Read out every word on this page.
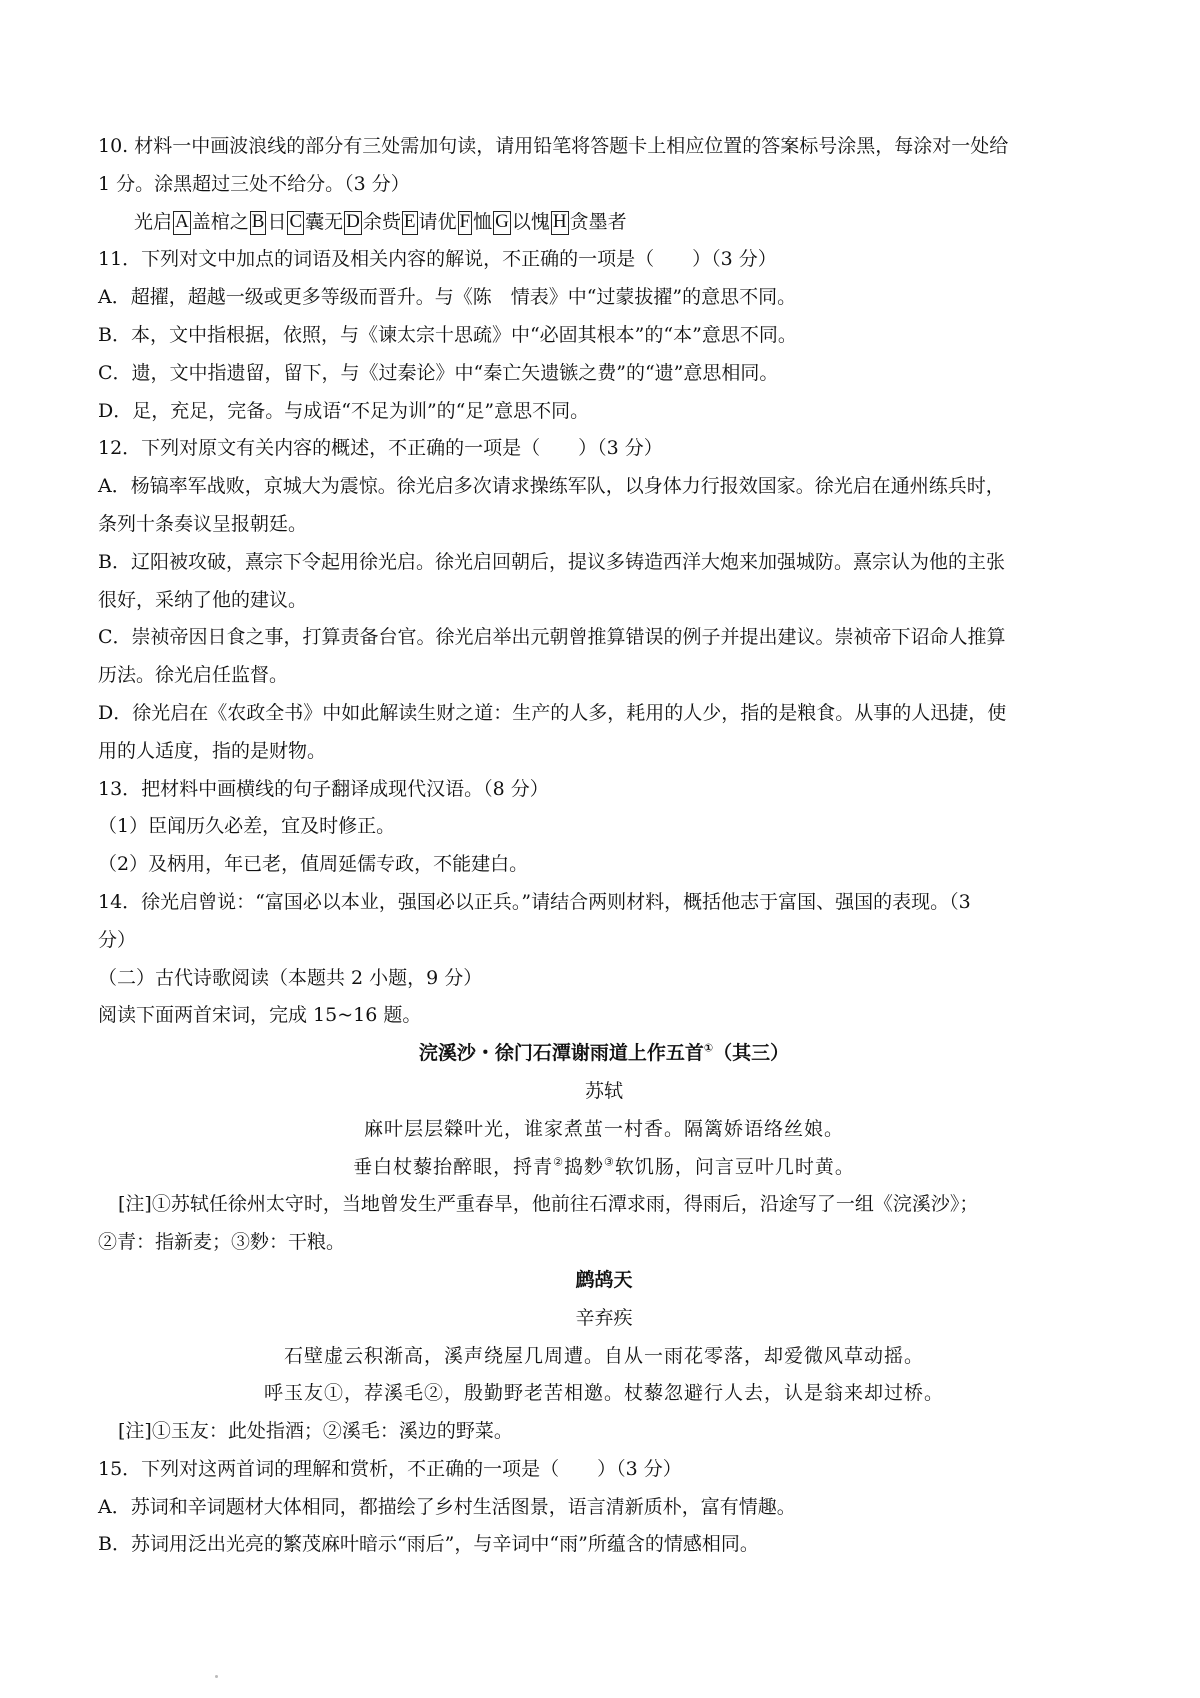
10. 材料一中画波浪线的部分有三处需加句读，请用铅笔将答题卡上相应位置的答案标号涂黑，每涂对一处给
1 分。涂黑超过三处不给分。（3 分）
光启 A 盖棺之 B 日 C 囊无 D 余赀 E 请优 F 恤 G 以愧 H 贪墨者
11．下列对文中加点的词语及相关内容的解说，不正确的一项是（　　）（3 分）
A．超擢，超越一级或更多等级而晋升。与《陈　情表》中“过蒙拔擢”的意思不同。
B．本，文中指根据，依照，与《谏太宗十思疏》中“必固其根本”的“本”意思不同。
C．遗，文中指遗留，留下，与《过秦论》中“秦亡矢遗镞之费”的“遗”意思相同。
D．足，充足，完备。与成语“不足为训”的“足”意思不同。
12．下列对原文有关内容的概述，不正确的一项是（　　）（3 分）
A．杨镐率军战败，京城大为震惊。徐光启多次请求操练军队，以身体力行报效国家。徐光启在通州练兵时，
条列十条奏议呈报朝廷。
B．辽阳被攻破，熹宗下令起用徐光启。徐光启回朝后，提议多铸造西洋大炮来加强城防。熹宗认为他的主张
很好，采纳了他的建议。
C．崇祯帝因日食之事，打算责备台官。徐光启举出元朝曾推算错误的例子并提出建议。崇祯帝下诏命人推算
历法。徐光启任监督。
D．徐光启在《农政全书》中如此解读生财之道：生产的人多，耗用的人少，指的是粮食。从事的人迅捷，使
用的人适度，指的是财物。
13．把材料中画横线的句子翻译成现代汉语。（8 分）
（1）臣闻历久必差，宜及时修正。
（2）及柄用，年已老，值周延儒专政，不能建白。
14．徐光启曾说：“富国必以本业，强国必以正兵。”请结合两则材料，概括他志于富国、强国的表现。（3
分）
（二）古代诗歌阅读（本题共 2 小题，9 分）
阅读下面两首宋词，完成 15~16 题。
浣溪沙・徐门石潭谢雨道上作五首①（其三）
苏轼
麻叶层层檾叶光，谁家煮茧一村香。隔篱娇语络丝娘。
垂白杖藜抬醉眼，捋青②捣麨③软饥肠，问言豆叶几时黄。
[注]①苏轼任徐州太守时，当地曾发生严重春旱，他前往石潭求雨，得雨后，沿途写了一组《浣溪沙》；
②青：指新麦；③麨：干粮。
鹧鸪天
辛弃疾
石壁虚云积渐高，溪声绕屋几周遭。自从一雨花零落，却爱微风草动摇。
呼玉友①，荐溪毛②，殷勤野老苦相邀。杖藜忽避行人去，认是翁来却过桥。
[注]①玉友：此处指酒；②溪毛：溪边的野菜。
15．下列对这两首词的理解和赏析，不正确的一项是（　　）（3 分）
A．苏词和辛词题材大体相同，都描绘了乡村生活图景，语言清新质朴，富有情趣。
B．苏词用泛出光亮的繁茂麻叶暗示“雨后”，与辛词中“雨”所蕴含的情感相同。
